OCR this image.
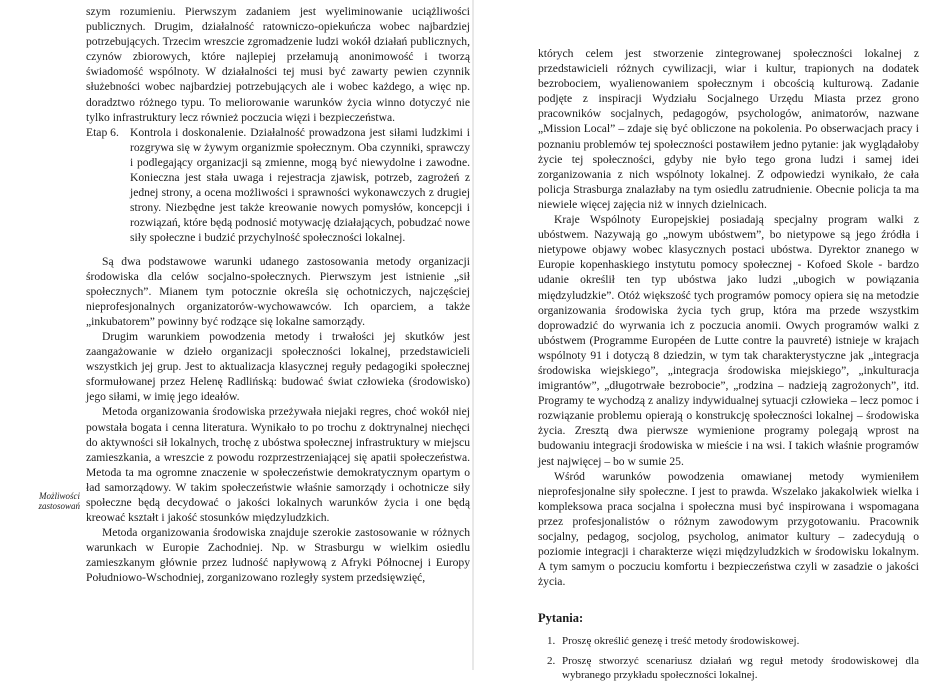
Możliwości zastosowań

szym rozumieniu. Pierwszym zadaniem jest wyeliminowanie uciążliwości publicznych. Drugim, działalność ratowniczo-opiekuńcza wobec najbardziej potrzebujących. Trzecim wreszcie zgromadzenie ludzi wokół działań publicznych, czynów zbiorowych, które najlepiej przełamują anonimowość i tworzą świadomość wspólnoty. W działalności tej musi być zawarty pewien czynnik służebności wobec najbardziej potrzebujących ale i wobec każdego, a więc np. doradztwo różnego typu. To meliorowanie warunków życia winno dotyczyć nie tylko infrastruktury lecz również poczucia więzi i bezpieczeństwa.

Etap 6. Kontrola i doskonalenie. Działalność prowadzona jest siłami ludzkimi i rozgrywa się w żywym organizmie społecznym. Oba czynniki, sprawczy i podlegający organizacji są zmienne, mogą być niewydolne i zawodne. Konieczna jest stała uwaga i rejestracja zjawisk, potrzeb, zagrożeń z jednej strony, a ocena możliwości i sprawności wykonawczych z drugiej strony. Niezbędne jest także kreowanie nowych pomysłów, koncepcji i rozwiązań, które będą podnosić motywację działających, pobudzać nowe siły społeczne i budzić przychylność społeczności lokalnej.

Są dwa podstawowe warunki udanego zastosowania metody organizacji środowiska dla celów socjalno-społecznych. Pierwszym jest istnienie „sił społecznych”. Mianem tym potocznie określa się ochotniczych, najczęściej nieprofesjonalnych organizatorów-wychowawców. Ich oparciem, a także „inkubatorem” powinny być rodzące się lokalne samorządy.

Drugim warunkiem powodzenia metody i trwałości jej skutków jest zaangażowanie w dzieło organizacji społeczności lokalnej, przedstawicieli wszystkich jej grup. Jest to aktualizacja klasycznej reguły pedagogiki społecznej sformułowanej przez Helenę Radlińską: budować świat człowieka (środowisko) jego siłami, w imię jego ideałów.

Metoda organizowania środowiska przeżywała niejaki regres, choć wokół niej powstała bogata i cenna literatura. Wynikało to po trochu z doktrynalnej niechęci do aktywności sił lokalnych, trochę z ubóstwa społecznej infrastruktury w miejscu zamieszkania, a wreszcie z powodu rozprzestrzeniającej się apatii społeczeństwa. Metoda ta ma ogromne znaczenie w społeczeństwie demokratycznym opartym o ład samorządowy. W takim społeczeństwie właśnie samorządy i ochotnicze siły społeczne będą decydować o jakości lokalnych warunków życia i one będą kreować kształt i jakość stosunków międzyludzkich.

Metoda organizowania środowiska znajduje szerokie zastosowanie w różnych warunkach w Europie Zachodniej. Np. w Strasburgu w wielkim osiedlu zamieszkanym głównie przez ludność napływową z Afryki Północnej i Europy Południowo-Wschodniej, zorganizowano rozległy system przedsięwzięć,

których celem jest stworzenie zintegrowanej społeczności lokalnej z przedstawicieli różnych cywilizacji, wiar i kultur, trapionych na dodatek bezrobociem, wyalienowaniem społecznym i obcością kulturową. Zadanie podjęte z inspiracji Wydziału Socjalnego Urzędu Miasta przez grono pracowników socjalnych, pedagogów, psychologów, animatorów, nazwane „Mission Local” – zdaje się być obliczone na pokolenia. Po obserwacjach pracy i poznaniu problemów tej społeczności postawiłem jedno pytanie: jak wyglądałoby życie tej społeczności, gdyby nie było tego grona ludzi i samej idei zorganizowania z nich wspólnoty lokalnej. Z odpowiedzi wynikało, że cała policja Strasburga znalazłaby na tym osiedlu zatrudnienie. Obecnie policja ta ma niewiele więcej zajęcia niż w innych dzielnicach.

Kraje Wspólnoty Europejskiej posiadają specjalny program walki z ubóstwem. Nazywają go „nowym ubóstwem”, bo nietypowe są jego źródła i nietypowe objawy wobec klasycznych postaci ubóstwa. Dyrektor znanego w Europie kopenhaskiego instytutu pomocy społecznej - Kofoed Skole - bardzo udanie określił ten typ ubóstwa jako ludzi „ubogich w powiązania międzyludzkie”. Otóż większość tych programów pomocy opiera się na metodzie organizowania środowiska życia tych grup, która ma przede wszystkim doprowadzić do wyrwania ich z poczucia anomii. Owych programów walki z ubóstwem (Programme Européen de Lutte contre la pauvreté) istnieje w krajach wspólnoty 91 i dotyczą 8 dziedzin, w tym tak charakterystyczne jak „integracja środowiska wiejskiego”, „integracja środowiska miejskiego”, „inkulturacja imigrantów”, „długotrwałe bezrobocie”, „rodzina – nadzieją zagrożonych”, itd. Programy te wychodzą z analizy indywidualnej sytuacji człowieka – lecz pomoc i rozwiązanie problemu opierają o konstrukcję społeczności lokalnej – środowiska życia. Zresztą dwa pierwsze wymienione programy polegają wprost na budowaniu integracji środowiska w mieście i na wsi. I takich właśnie programów jest najwięcej – bo w sumie 25.

Wśród warunków powodzenia omawianej metody wymieniłem nieprofesjonalne siły społeczne. I jest to prawda. Wszelako jakakolwiek wielka i kompleksowa praca socjalna i społeczna musi być inspirowana i wspomagana przez profesjonalistów o różnym zawodowym przygotowaniu. Pracownik socjalny, pedagog, socjolog, psycholog, animator kultury – zadecydują o poziomie integracji i charakterze więzi międzyludzkich w środowisku lokalnym. A tym samym o poczuciu komfortu i bezpieczeństwa czyli w zasadzie o jakości życia.

Pytania:
1. Proszę określić genezę i treść metody środowiskowej.
2. Proszę stworzyć scenariusz działań wg reguł metody środowiskowej dla wybranego przykładu społeczności lokalnej.
